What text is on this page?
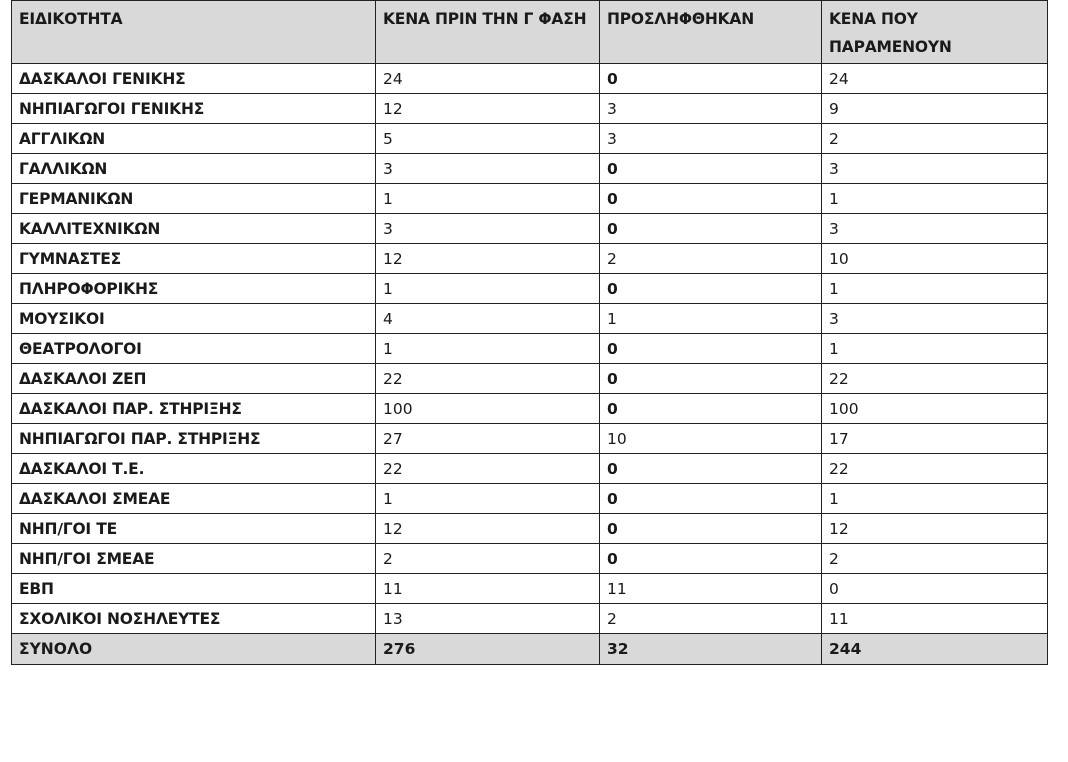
ΕΙΔΙΚΟΤΗΤΑ	ΚΕΝΑ ΠΡΙΝ ΤΗΝ Γ ΦΑΣΗ	ΠΡΟΣΛΗΦΘΗΚΑΝ	ΚΕΝΑ ΠΟΥ ΠΑΡΑΜΕΝΟΥΝ
ΔΑΣΚΑΛΟΙ ΓΕΝΙΚΗΣ	24	0	24
ΝΗΠΙΑΓΩΓΟΙ ΓΕΝΙΚΗΣ	12	3	9
ΑΓΓΛΙΚΩΝ	5	3	2
ΓΑΛΛΙΚΩΝ	3	0	3
ΓΕΡΜΑΝΙΚΩΝ	1	0	1
ΚΑΛΛΙΤΕΧΝΙΚΩΝ	3	0	3
ΓΥΜΝΑΣΤΕΣ	12	2	10
ΠΛΗΡΟΦΟΡΙΚΗΣ	1	0	1
ΜΟΥΣΙΚΟΙ	4	1	3
ΘΕΑΤΡΟΛΟΓΟΙ	1	0	1
ΔΑΣΚΑΛΟΙ ΖΕΠ	22	0	22
ΔΑΣΚΑΛΟΙ ΠΑΡ. ΣΤΗΡΙΞΗΣ	100	0	100
ΝΗΠΙΑΓΩΓΟΙ ΠΑΡ. ΣΤΗΡΙΞΗΣ	27	10	17
ΔΑΣΚΑΛΟΙ Τ.Ε.	22	0	22
ΔΑΣΚΑΛΟΙ ΣΜΕΑΕ	1	0	1
ΝΗΠ/ΓΟΙ ΤΕ	12	0	12
ΝΗΠ/ΓΟΙ ΣΜΕΑΕ	2	0	2
ΕΒΠ	11	11	0
ΣΧΟΛΙΚΟΙ ΝΟΣΗΛΕΥΤΕΣ	13	2	11
ΣΥΝΟΛΟ	276	32	244
